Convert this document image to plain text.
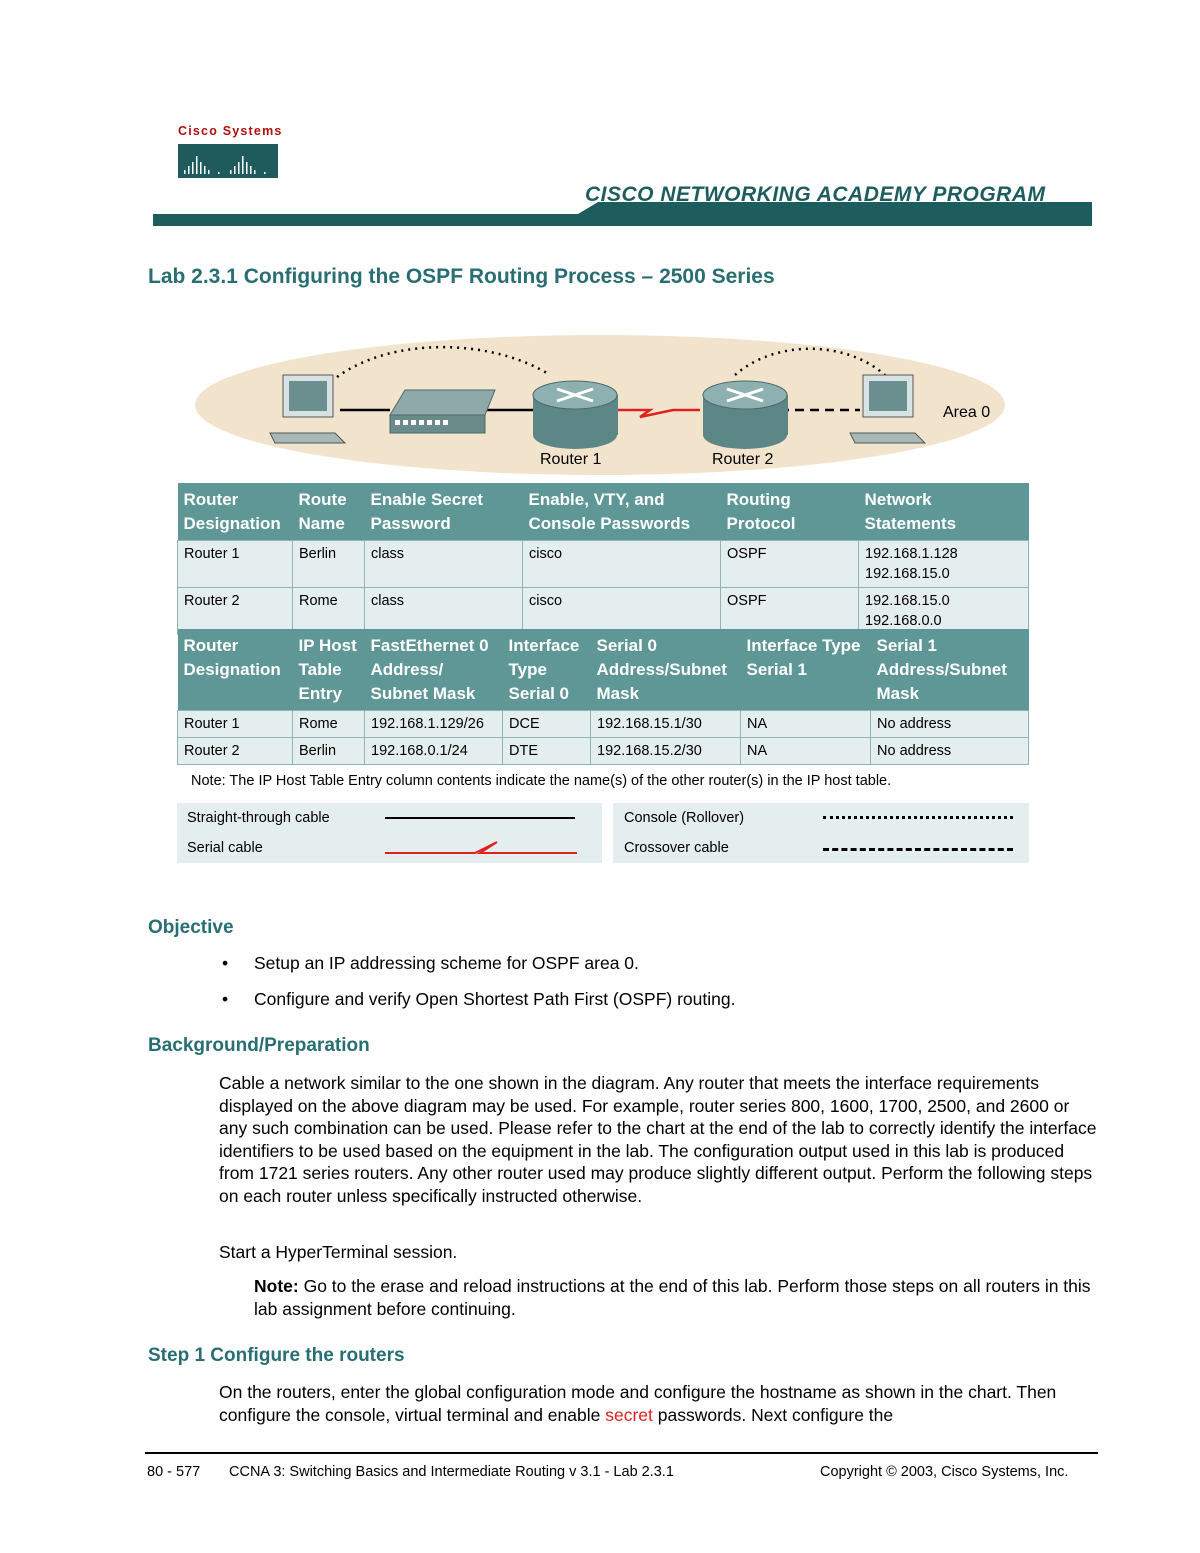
Cisco Systems
CISCO NETWORKING ACADEMY PROGRAM
Lab 2.3.1 Configuring the OSPF Routing Process – 2500 Series
Router 1	Router 2
Area 0
Router Designation	Route Name	Enable Secret Password	Enable, VTY, and Console Passwords	Routing Protocol	Network Statements
Router 1	Berlin	class	cisco	OSPF	192.168.1.128
192.168.15.0

Router 2	Rome	class	cisco	OSPF	192.168.15.0
192.168.0.0
Router Designation	IP Host Table Entry	FastEthernet 0 Address/ Subnet Mask	Interface Type Serial 0	Serial 0 Address/Subnet Mask	Interface Type Serial 1	Serial 1 Address/Subnet Mask
Router 1	Rome	192.168.1.129/26	DCE	192.168.15.1/30	NA	No address
Router 2	Berlin	192.168.0.1/24	DTE	192.168.15.2/30	NA	No address
Note: The IP Host Table Entry column contents indicate the name(s) of the other router(s) in the IP host table.
Straight-through cable
Serial cable
Console (Rollover)
Crossover cable
Objective
• Setup an IP addressing scheme for OSPF area 0.
• Configure and verify Open Shortest Path First (OSPF) routing.
Background/Preparation
Cable a network similar to the one shown in the diagram. Any router that meets the interface requirements displayed on the above diagram may be used. For example, router series 800, 1600, 1700, 2500, and 2600 or any such combination can be used. Please refer to the chart at the end of the lab to correctly identify the interface identifiers to be used based on the equipment in the lab. The configuration output used in this lab is produced from 1721 series routers. Any other router used may produce slightly different output. Perform the following steps on each router unless specifically instructed otherwise.
Start a HyperTerminal session.
Note: Go to the erase and reload instructions at the end of this lab. Perform those steps on all routers in this lab assignment before continuing.
Step 1 Configure the routers
On the routers, enter the global configuration mode and configure the hostname as shown in the chart. Then configure the console, virtual terminal and enable secret passwords. Next configure the
80 - 577 CCNA 3: Switching Basics and Intermediate Routing v 3.1 - Lab 2.3.1	Copyright © 2003, Cisco Systems, Inc.
